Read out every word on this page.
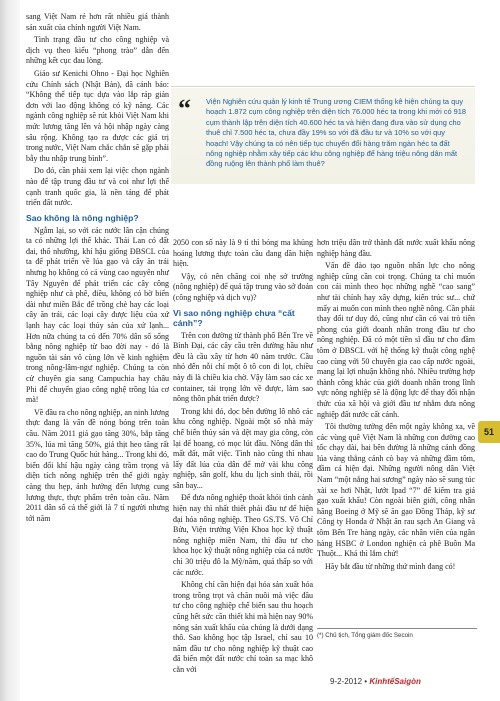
“	Viện Nghiên cứu quản lý kinh tế Trung ương CIEM thống kê hiện chúng ta quy hoạch 1.872 cụm công nghiệp trên diện tích 76.000 héc ta trong khi mới có 918 cụm thành lập trên diện tích 40.600 héc ta và hiện đang đưa vào sử dụng cho thuê chỉ 7.500 héc ta, chưa đầy 19% so với đã đầu tư và 10% so với quy hoạch! Vậy chúng ta có nên tiếp tục chuyển đổi hàng trăm ngàn héc ta đất nông nghiệp nhằm xây tiếp các khu công nghiệp để hàng triệu nông dân mất đồng ruộng lên thành phố làm thuê?

sang Việt Nam rẻ hơn rất nhiều giá thành sản xuất của chính người Việt Nam.

Tình trạng đầu tư cho công nghiệp và dịch vụ theo kiểu “phong trào” dẫn đến những kết cục đau lòng.

Giáo sư Kenichi Ohno - Đại học Nghiên cứu Chính sách (Nhật Bản), đã cảnh báo: “Không thể tiếp tục dựa vào lắp ráp giản đơn với lao động không có kỹ năng. Các ngành công nghiệp sẽ rút khỏi Việt Nam khi mức lương tăng lên và hội nhập ngày càng sâu rộng. Không tạo ra được các giá trị trong nước, Việt Nam chắc chắn sẽ gặp phải bẫy thu nhập trung bình”.

Do đó, cần phải xem lại việc chọn ngành nào để tập trung đầu tư và coi như lợi thế cạnh tranh quốc gia, là nền tảng để phát triển đất nước.

Sao không là nông nghiệp?

Ngẫm lại, so với các nước lân cận chúng ta có những lợi thế khác. Thái Lan có đất đai, thổ nhưỡng, khí hậu giống ĐBSCL của ta để phát triển về lúa gạo và cây ăn trái nhưng họ không có cả vùng cao nguyên như Tây Nguyên để phát triển các cây công nghiệp như cà phê, điều, không có bờ biển dài như miền Bắc để trồng chè hay các loại cây ăn trái, các loại cây được liệu của xứ lạnh hay các loại thủy sản của xứ lạnh... Hơn nữa chúng ta có đến 70% dân số sống bằng nông nghiệp từ bao đời nay - đó là nguồn tài sản vô cùng lớn về kinh nghiệm trong nông-lâm-ngư nghiệp. Chúng ta còn cử chuyên gia sang Campuchia hay châu Phi để chuyển giao công nghệ trồng lúa cơ mà!

Về đầu ra cho nông nghiệp, an ninh lương thực đang là vấn đề nóng bỏng trên toàn cầu. Năm 2011 giá gạo tăng 30%, bắp tăng 35%, lúa mì tăng 50%, giá thịt heo tăng rất cao do Trung Quốc hút hàng... Trong khi đó, biến đổi khí hậu ngày càng trầm trọng và diện tích nông nghiệp trên thế giới ngày càng thu hẹp, ảnh hưởng đến lượng cung lương thực, thực phẩm trên toàn cầu. Năm 2011 dân số cả thế giới là 7 tỉ người nhưng tới năm

2050 con số này là 9 tỉ thì bóng ma khủng hoảng lương thực toàn cầu đang dần hiện hiện.

Vậy, có nên chăng coi nhẹ sở trường (nông nghiệp) để quá tập trung vào sở đoản (công nghiệp và dịch vụ)?

Vì sao nông nghiệp chưa “cất cánh”?

Trên con đường từ thành phố Bến Tre về Bình Đại, các cây cầu trên đường hầu như đều là cầu xây từ hơn 40 năm trước. Cầu nhỏ đến nỗi chỉ một ô tô con đi lọt, chiều này đi là chiều kia chờ. Vậy làm sao các xe container, tải trọng lớn về được, làm sao nông thôn phát triển được?

Trong khi đó, dọc bên đường lô nhô các khu công nghiệp. Ngoài một số nhà máy chế biến thủy sản và dệt may gia công, còn lại để hoang, cỏ mọc lút đầu. Nông dân thì mất đất, mất việc. Tình nào cũng thì nhau lấy đất lúa của dân để mở vài khu công nghiệp, sân golf, khu du lịch sinh thái, rồi sân bay...

Để đưa nông nghiệp thoát khỏi tình cảnh hiện nay thì nhất thiết phải đầu tư để hiện đại hóa nông nghiệp. Theo GS.TS. Võ Chí Bửu, Viện trưởng Viện Khoa học kỹ thuật nông nghiệp miền Nam, thì đầu tư cho khoa học kỹ thuật nông nghiệp của cả nước chỉ 30 triệu đô la Mỹ/năm, quá thấp so với các nước.

Không chỉ cần hiện đại hóa sản xuất hóa trong trồng trọt và chăn nuôi mà việc đầu tư cho công nghiệp chế biến sau thu hoạch cũng hết sức cần thiết khi mà hiện nay 90% nông sản xuất khẩu của chúng là dưới dạng thô. Sao không học tập Israel, chỉ sau 10 năm đầu tư cho nông nghiệp kỹ thuật cao đã biến một đất nước chỉ toàn sa mạc khô cằn với

hơn triệu dân trở thành đất nước xuất khẩu nông nghiệp hàng đầu.

Vấn đề đào tạo nguồn nhân lực cho nông nghiệp cũng cần coi trọng. Chúng ta chỉ muốn con cái mình theo học những nghề “cao sang” như tài chính hay xây dựng, kiến trúc sư... chứ mấy ai muốn con mình theo nghề nông. Cần phải thay đổi tư duy đó, cũng như cần có vai trò tiên phong của giới doanh nhân trong đầu tư cho nông nghiệp. Đã có một tiền sĩ đầu tư cho đầm tôm ở ĐBSCL với hệ thống kỹ thuật công nghệ cao cùng với 50 chuyên gia cao cấp nước ngoài, mang lại lợi nhuận không nhỏ. Nhiều trường hợp thành công khác của giới doanh nhân trong lĩnh vực nông nghiệp sẽ là động lực để thay đổi nhận thức của xã hội và giới đầu tư nhằm đưa nông nghiệp đất nước cất cánh.

Tôi thường tưởng đến một ngày không xa, về các vùng quê Việt Nam là những con đường cao tốc chạy dài, hai bên đường là những cánh đồng lúa vàng thẳng cánh cò bay và những đầm tôm, đầm cá hiện đại. Những người nông dân Việt Nam “một nắng hai sương” ngày nào sẽ sung túc xài xe hơi Nhật, lướt Ipad “7” để kiếm tra giá gạo xuất khẩu! Còn ngoài biên giới, công nhân hãng Boeing ở Mỹ sẽ ăn gạo Đồng Tháp, kỹ sư Công ty Honda ở Nhật ăn rau sạch An Giang và tôm Bến Tre hàng ngày, các nhân viên của ngân hàng HSBC ở London nghiện cà phê Buôn Ma Thuột... Khá thì lắm chứ!

Hãy bắt đầu từ những thứ mình đang có!

(*) Chủ tịch, Tổng giám đốc Secoin

9-2-2012 • KinhtếSaigòn
51
